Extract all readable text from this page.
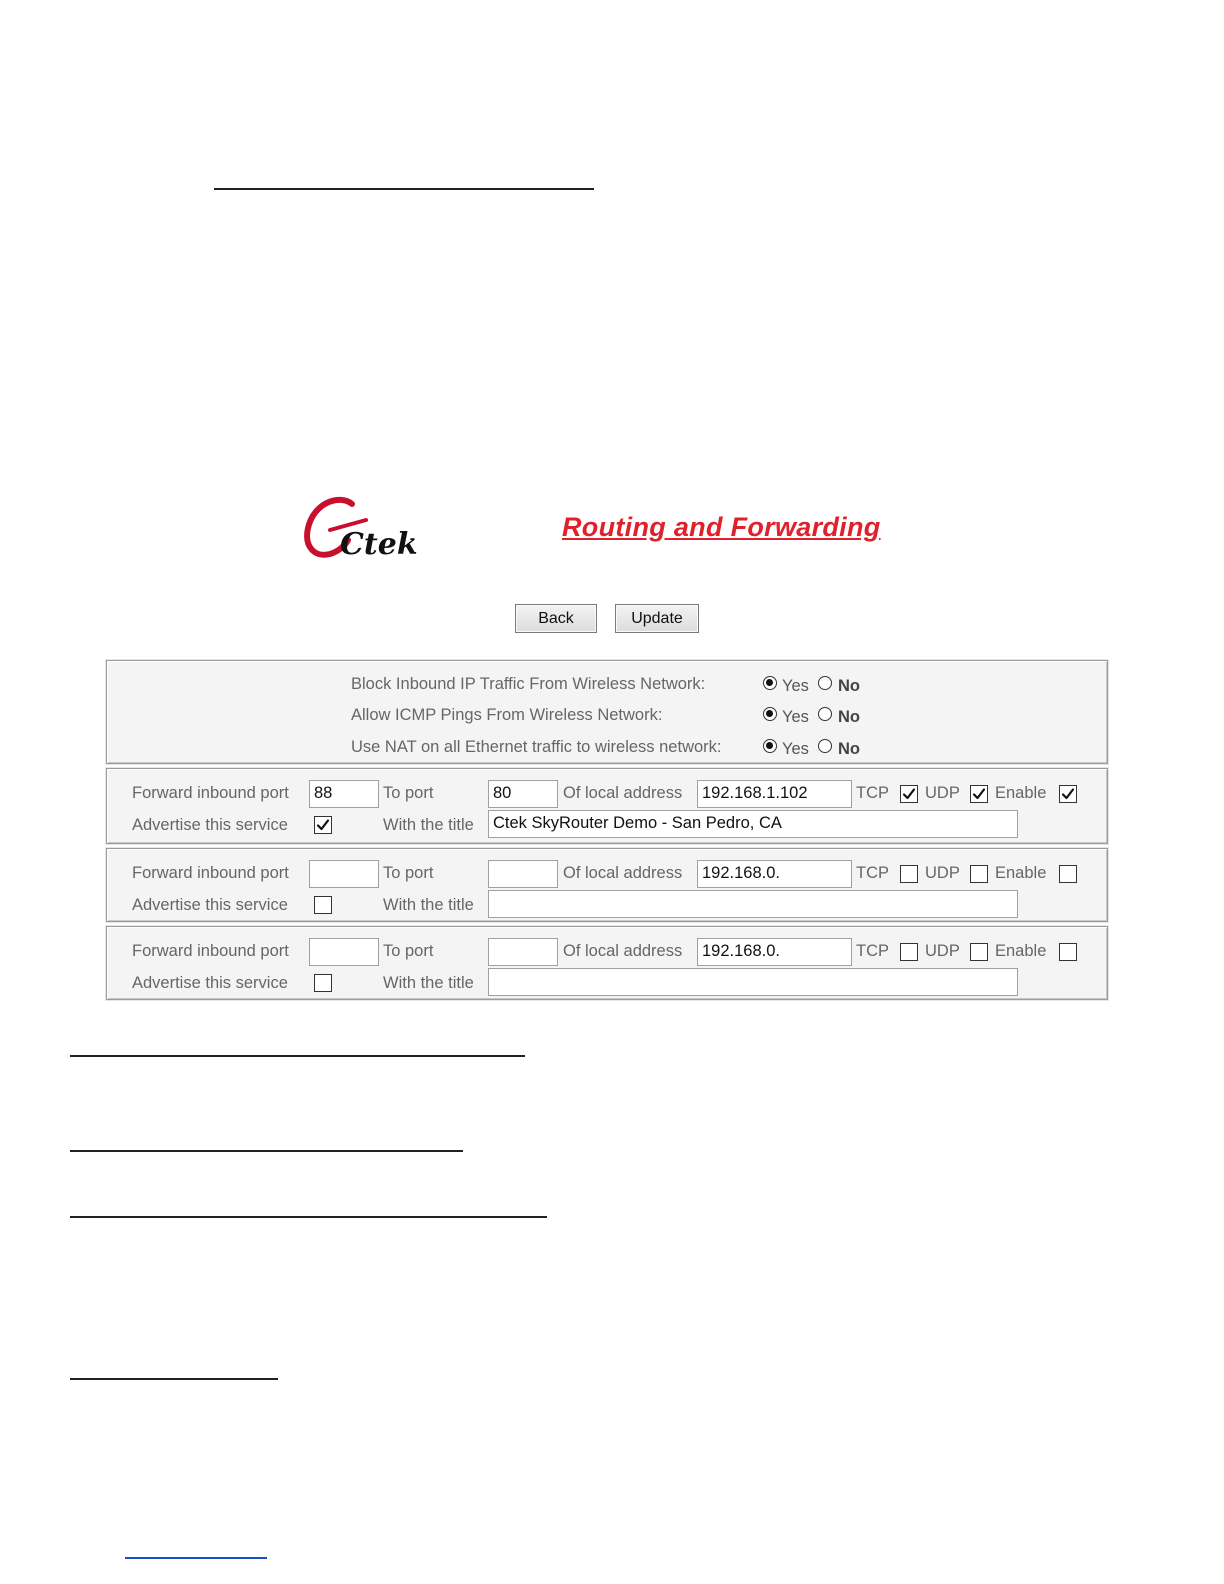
Ctek	Routing and Forwarding
Back	Update
Block Inbound IP Traffic From Wireless Network:	Yes No
Allow ICMP Pings From Wireless Network:	Yes No
Use NAT on all Ethernet traffic to wireless network:	Yes No
Forward inbound port	88	To port	80	Of local address	192.168.1.102	TCP UDP Enable
Advertise this service	With the title	Ctek SkyRouter Demo - San Pedro, CA
Forward inbound port	To port	Of local address	192.168.0.	TCP UDP Enable
Advertise this service	With the title
Forward inbound port	To port	Of local address	192.168.0.	TCP UDP Enable
Advertise this service	With the title
